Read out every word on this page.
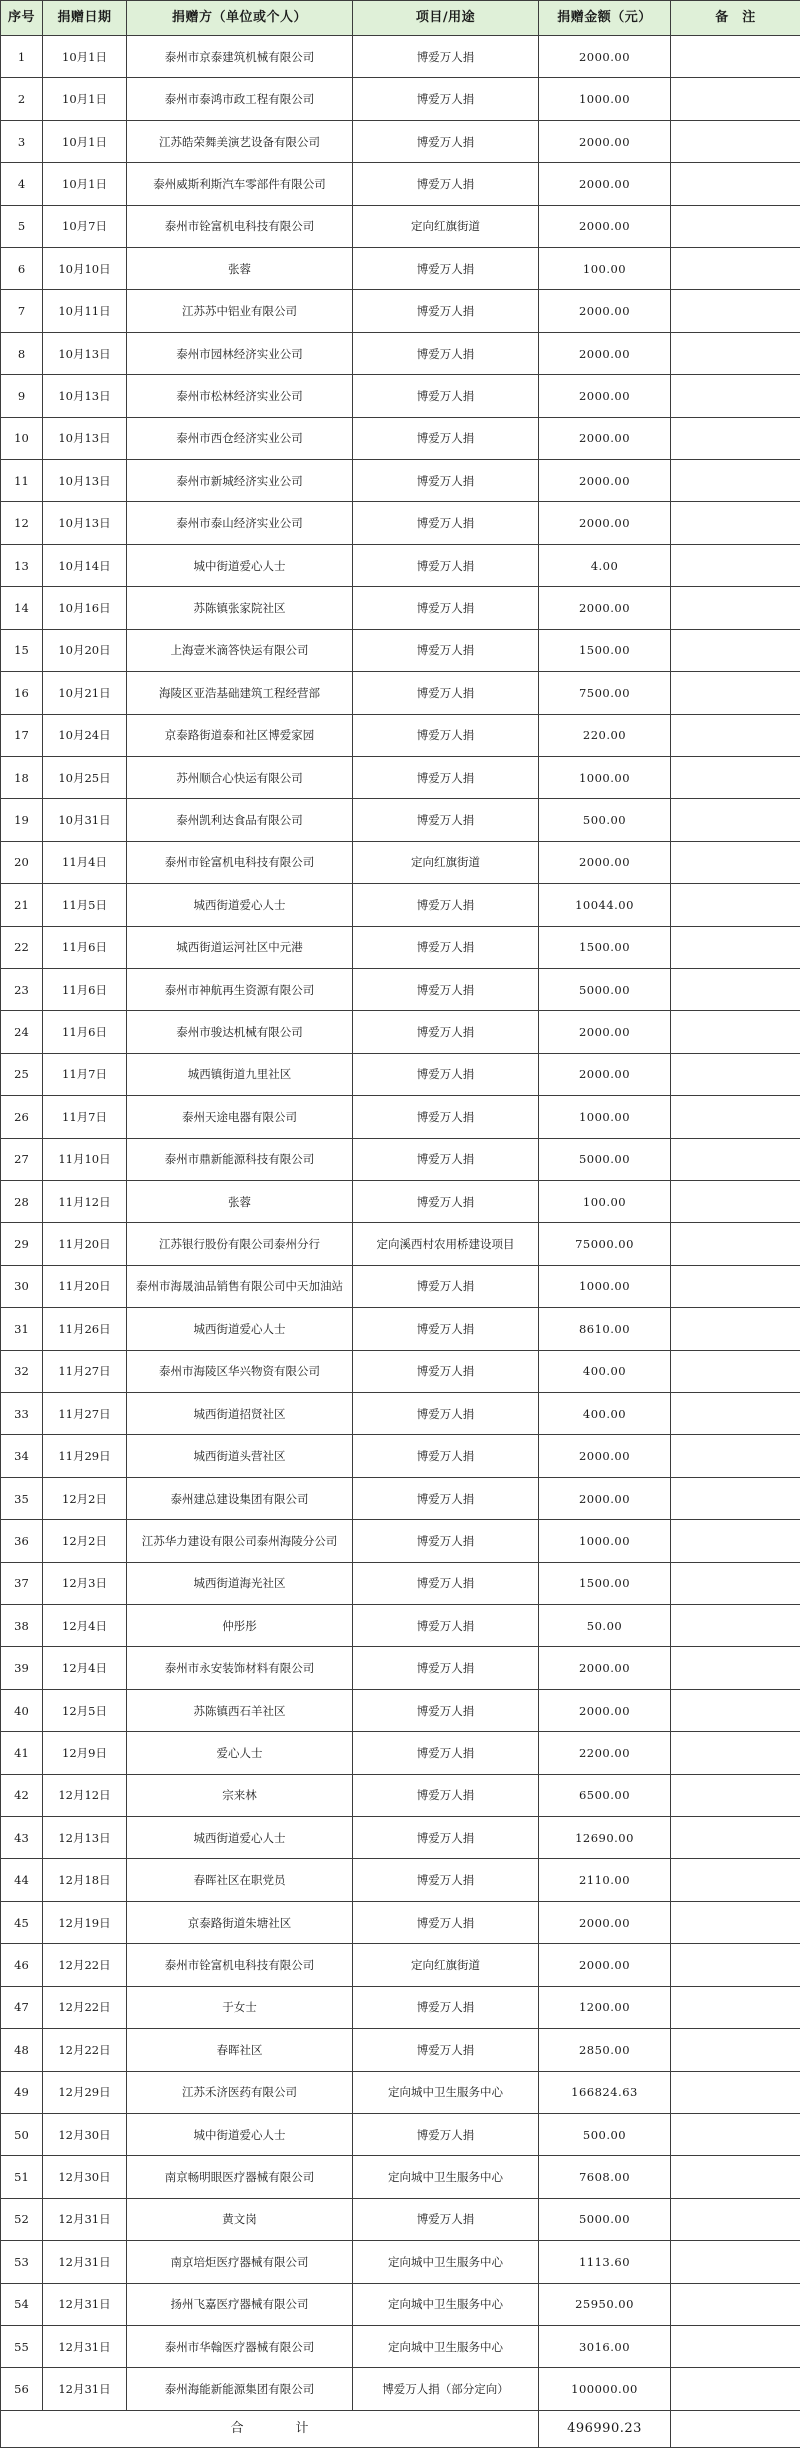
序号	捐赠日期	捐赠方（单位或个人）	项目/用途	捐赠金额（元）	备　注
1	10月1日	泰州市京泰建筑机械有限公司	博爱万人捐	2000.00	
2	10月1日	泰州市泰鸿市政工程有限公司	博爱万人捐	1000.00	
3	10月1日	江苏皓荣舞美演艺设备有限公司	博爱万人捐	2000.00	
4	10月1日	泰州威斯利斯汽车零部件有限公司	博爱万人捐	2000.00	
5	10月7日	泰州市铨富机电科技有限公司	定向红旗街道	2000.00	
6	10月10日	张蓉	博爱万人捐	100.00	
7	10月11日	江苏苏中铝业有限公司	博爱万人捐	2000.00	
8	10月13日	泰州市园林经济实业公司	博爱万人捐	2000.00	
9	10月13日	泰州市松林经济实业公司	博爱万人捐	2000.00	
10	10月13日	泰州市西仓经济实业公司	博爱万人捐	2000.00	
11	10月13日	泰州市新城经济实业公司	博爱万人捐	2000.00	
12	10月13日	泰州市泰山经济实业公司	博爱万人捐	2000.00	
13	10月14日	城中街道爱心人士	博爱万人捐	4.00	
14	10月16日	苏陈镇张家院社区	博爱万人捐	2000.00	
15	10月20日	上海壹米滴答快运有限公司	博爱万人捐	1500.00	
16	10月21日	海陵区亚浩基础建筑工程经营部	博爱万人捐	7500.00	
17	10月24日	京泰路街道泰和社区博爱家园	博爱万人捐	220.00	
18	10月25日	苏州顺合心快运有限公司	博爱万人捐	1000.00	
19	10月31日	泰州凯利达食品有限公司	博爱万人捐	500.00	
20	11月4日	泰州市铨富机电科技有限公司	定向红旗街道	2000.00	
21	11月5日	城西街道爱心人士	博爱万人捐	10044.00	
22	11月6日	城西街道运河社区中元港	博爱万人捐	1500.00	
23	11月6日	泰州市神航再生资源有限公司	博爱万人捐	5000.00	
24	11月6日	泰州市骏达机械有限公司	博爱万人捐	2000.00	
25	11月7日	城西镇街道九里社区	博爱万人捐	2000.00	
26	11月7日	泰州天途电器有限公司	博爱万人捐	1000.00	
27	11月10日	泰州市鼎新能源科技有限公司	博爱万人捐	5000.00	
28	11月12日	张蓉	博爱万人捐	100.00	
29	11月20日	江苏银行股份有限公司泰州分行	定向溪西村农用桥建设项目	75000.00	
30	11月20日	泰州市海晟油品销售有限公司中天加油站	博爱万人捐	1000.00	
31	11月26日	城西街道爱心人士	博爱万人捐	8610.00	
32	11月27日	泰州市海陵区华兴物资有限公司	博爱万人捐	400.00	
33	11月27日	城西街道招贤社区	博爱万人捐	400.00	
34	11月29日	城西街道头营社区	博爱万人捐	2000.00	
35	12月2日	泰州建总建设集团有限公司	博爱万人捐	2000.00	
36	12月2日	江苏华力建设有限公司泰州海陵分公司	博爱万人捐	1000.00	
37	12月3日	城西街道海光社区	博爱万人捐	1500.00	
38	12月4日	仲彤彤	博爱万人捐	50.00	
39	12月4日	泰州市永安装饰材料有限公司	博爱万人捐	2000.00	
40	12月5日	苏陈镇西石羊社区	博爱万人捐	2000.00	
41	12月9日	爱心人士	博爱万人捐	2200.00	
42	12月12日	宗来林	博爱万人捐	6500.00	
43	12月13日	城西街道爱心人士	博爱万人捐	12690.00	
44	12月18日	春晖社区在职党员	博爱万人捐	2110.00	
45	12月19日	京泰路街道朱塘社区	博爱万人捐	2000.00	
46	12月22日	泰州市铨富机电科技有限公司	定向红旗街道	2000.00	
47	12月22日	于女士	博爱万人捐	1200.00	
48	12月22日	春晖社区	博爱万人捐	2850.00	
49	12月29日	江苏禾济医药有限公司	定向城中卫生服务中心	166824.63	
50	12月30日	城中街道爱心人士	博爱万人捐	500.00	
51	12月30日	南京畅明眼医疗器械有限公司	定向城中卫生服务中心	7608.00	
52	12月31日	黄文岗	博爱万人捐	5000.00	
53	12月31日	南京培炬医疗器械有限公司	定向城中卫生服务中心	1113.60	
54	12月31日	扬州飞嘉医疗器械有限公司	定向城中卫生服务中心	25950.00	
55	12月31日	泰州市华翰医疗器械有限公司	定向城中卫生服务中心	3016.00	
56	12月31日	泰州海能新能源集团有限公司	博爱万人捐（部分定向）	100000.00	
合　　　　计				496990.23	
